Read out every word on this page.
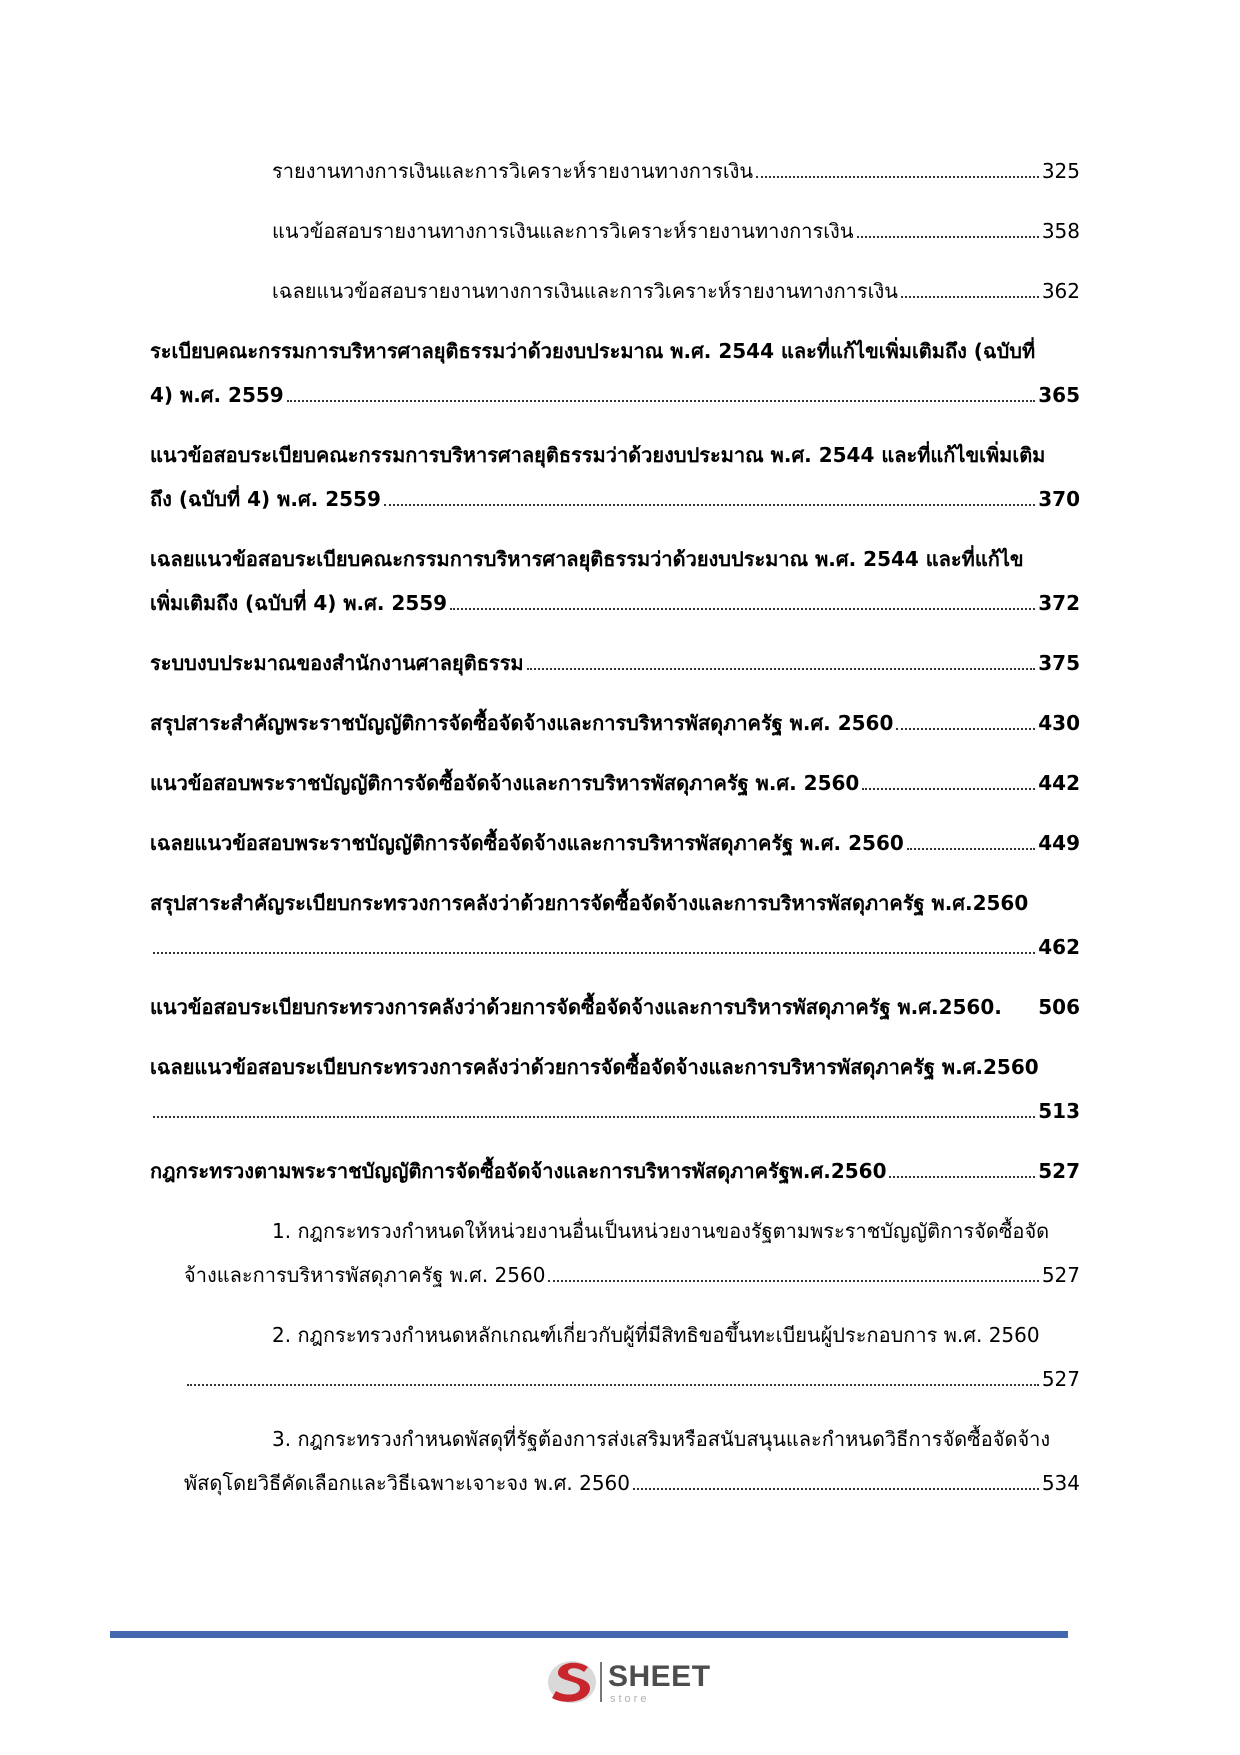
รายงานทางการเงินและการวิเคราะห์รายงานทางการเงิน	325
แนวข้อสอบรายงานทางการเงินและการวิเคราะห์รายงานทางการเงิน	358
เฉลยแนวข้อสอบรายงานทางการเงินและการวิเคราะห์รายงานทางการเงิน	362
ระเบียบคณะกรรมการบริหารศาลยุติธรรมว่าด้วยงบประมาณ พ.ศ. 2544 และที่แก้ไขเพิ่มเติมถึง (ฉบับที่
4) พ.ศ. 2559	365
แนวข้อสอบระเบียบคณะกรรมการบริหารศาลยุติธรรมว่าด้วยงบประมาณ พ.ศ. 2544 และที่แก้ไขเพิ่มเติม
ถึง (ฉบับที่ 4) พ.ศ. 2559	370
เฉลยแนวข้อสอบระเบียบคณะกรรมการบริหารศาลยุติธรรมว่าด้วยงบประมาณ พ.ศ. 2544 และที่แก้ไข
เพิ่มเติมถึง (ฉบับที่ 4) พ.ศ. 2559	372
ระบบงบประมาณของสำนักงานศาลยุติธรรม	375
สรุปสาระสำคัญพระราชบัญญัติการจัดซื้อจัดจ้างและการบริหารพัสดุภาครัฐ พ.ศ. 2560	430
แนวข้อสอบพระราชบัญญัติการจัดซื้อจัดจ้างและการบริหารพัสดุภาครัฐ พ.ศ. 2560	442
เฉลยแนวข้อสอบพระราชบัญญัติการจัดซื้อจัดจ้างและการบริหารพัสดุภาครัฐ พ.ศ. 2560	449
สรุปสาระสำคัญระเบียบกระทรวงการคลังว่าด้วยการจัดซื้อจัดจ้างและการบริหารพัสดุภาครัฐ พ.ศ.2560
462
แนวข้อสอบระเบียบกระทรวงการคลังว่าด้วยการจัดซื้อจัดจ้างและการบริหารพัสดุภาครัฐ พ.ศ.2560. 506
เฉลยแนวข้อสอบระเบียบกระทรวงการคลังว่าด้วยการจัดซื้อจัดจ้างและการบริหารพัสดุภาครัฐ พ.ศ.2560
513
กฎกระทรวงตามพระราชบัญญัติการจัดซื้อจัดจ้างและการบริหารพัสดุภาครัฐพ.ศ.2560	527
1. กฎกระทรวงกำหนดให้หน่วยงานอื่นเป็นหน่วยงานของรัฐตามพระราชบัญญัติการจัดซื้อจัด
จ้างและการบริหารพัสดุภาครัฐ พ.ศ. 2560	527
2. กฎกระทรวงกำหนดหลักเกณฑ์เกี่ยวกับผู้ที่มีสิทธิขอขึ้นทะเบียนผู้ประกอบการ พ.ศ. 2560
527
3. กฎกระทรวงกำหนดพัสดุที่รัฐต้องการส่งเสริมหรือสนับสนุนและกำหนดวิธีการจัดซื้อจัดจ้าง
พัสดุโดยวิธีคัดเลือกและวิธีเฉพาะเจาะจง พ.ศ. 2560	534
SHEET
store
